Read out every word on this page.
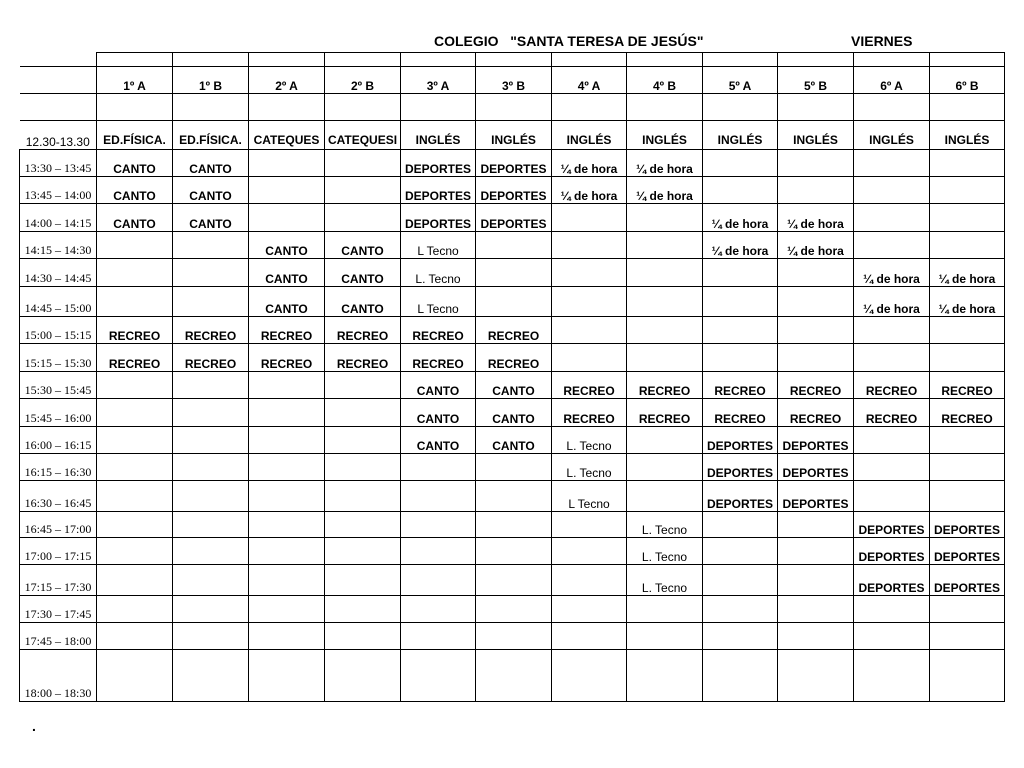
COLEGIO   "SANTA TERESA DE JESÚS"	VIERNES

	1º A	1º B	2º A	2º B	3º A	3º B	4º A	4º B	5º A	5º B	6º A	6º B

12.30-13.30	ED.FÍSICA.	ED.FÍSICA.	CATEQUES	CATEQUESI	INGLÉS	INGLÉS	INGLÉS	INGLÉS	INGLÉS	INGLÉS	INGLÉS	INGLÉS
13:30 – 13:45	CANTO	CANTO			DEPORTES	DEPORTES	¼ de hora	¼ de hora				
13:45 – 14:00	CANTO	CANTO			DEPORTES	DEPORTES	¼ de hora	¼ de hora				
14:00 – 14:15	CANTO	CANTO			DEPORTES	DEPORTES			¼ de hora	¼ de hora		
14:15 – 14:30			CANTO	CANTO	L Tecno				¼ de hora	¼ de hora		
14:30 – 14:45			CANTO	CANTO	L. Tecno						¼ de hora	¼ de hora
14:45 – 15:00			CANTO	CANTO	L Tecno						¼ de hora	¼ de hora
15:00 – 15:15	RECREO	RECREO	RECREO	RECREO	RECREO	RECREO						
15:15 – 15:30	RECREO	RECREO	RECREO	RECREO	RECREO	RECREO						
15:30 – 15:45					CANTO	CANTO	RECREO	RECREO	RECREO	RECREO	RECREO	RECREO
15:45 – 16:00					CANTO	CANTO	RECREO	RECREO	RECREO	RECREO	RECREO	RECREO
16:00 – 16:15					CANTO	CANTO	L. Tecno		DEPORTES	DEPORTES		
16:15 – 16:30							L. Tecno		DEPORTES	DEPORTES		
16:30 – 16:45							L Tecno		DEPORTES	DEPORTES		
16:45 – 17:00								L. Tecno			DEPORTES	DEPORTES
17:00 – 17:15								L. Tecno			DEPORTES	DEPORTES
17:15 – 17:30								L. Tecno			DEPORTES	DEPORTES
17:30 – 17:45												
17:45 – 18:00												
18:00 – 18:30												
.
